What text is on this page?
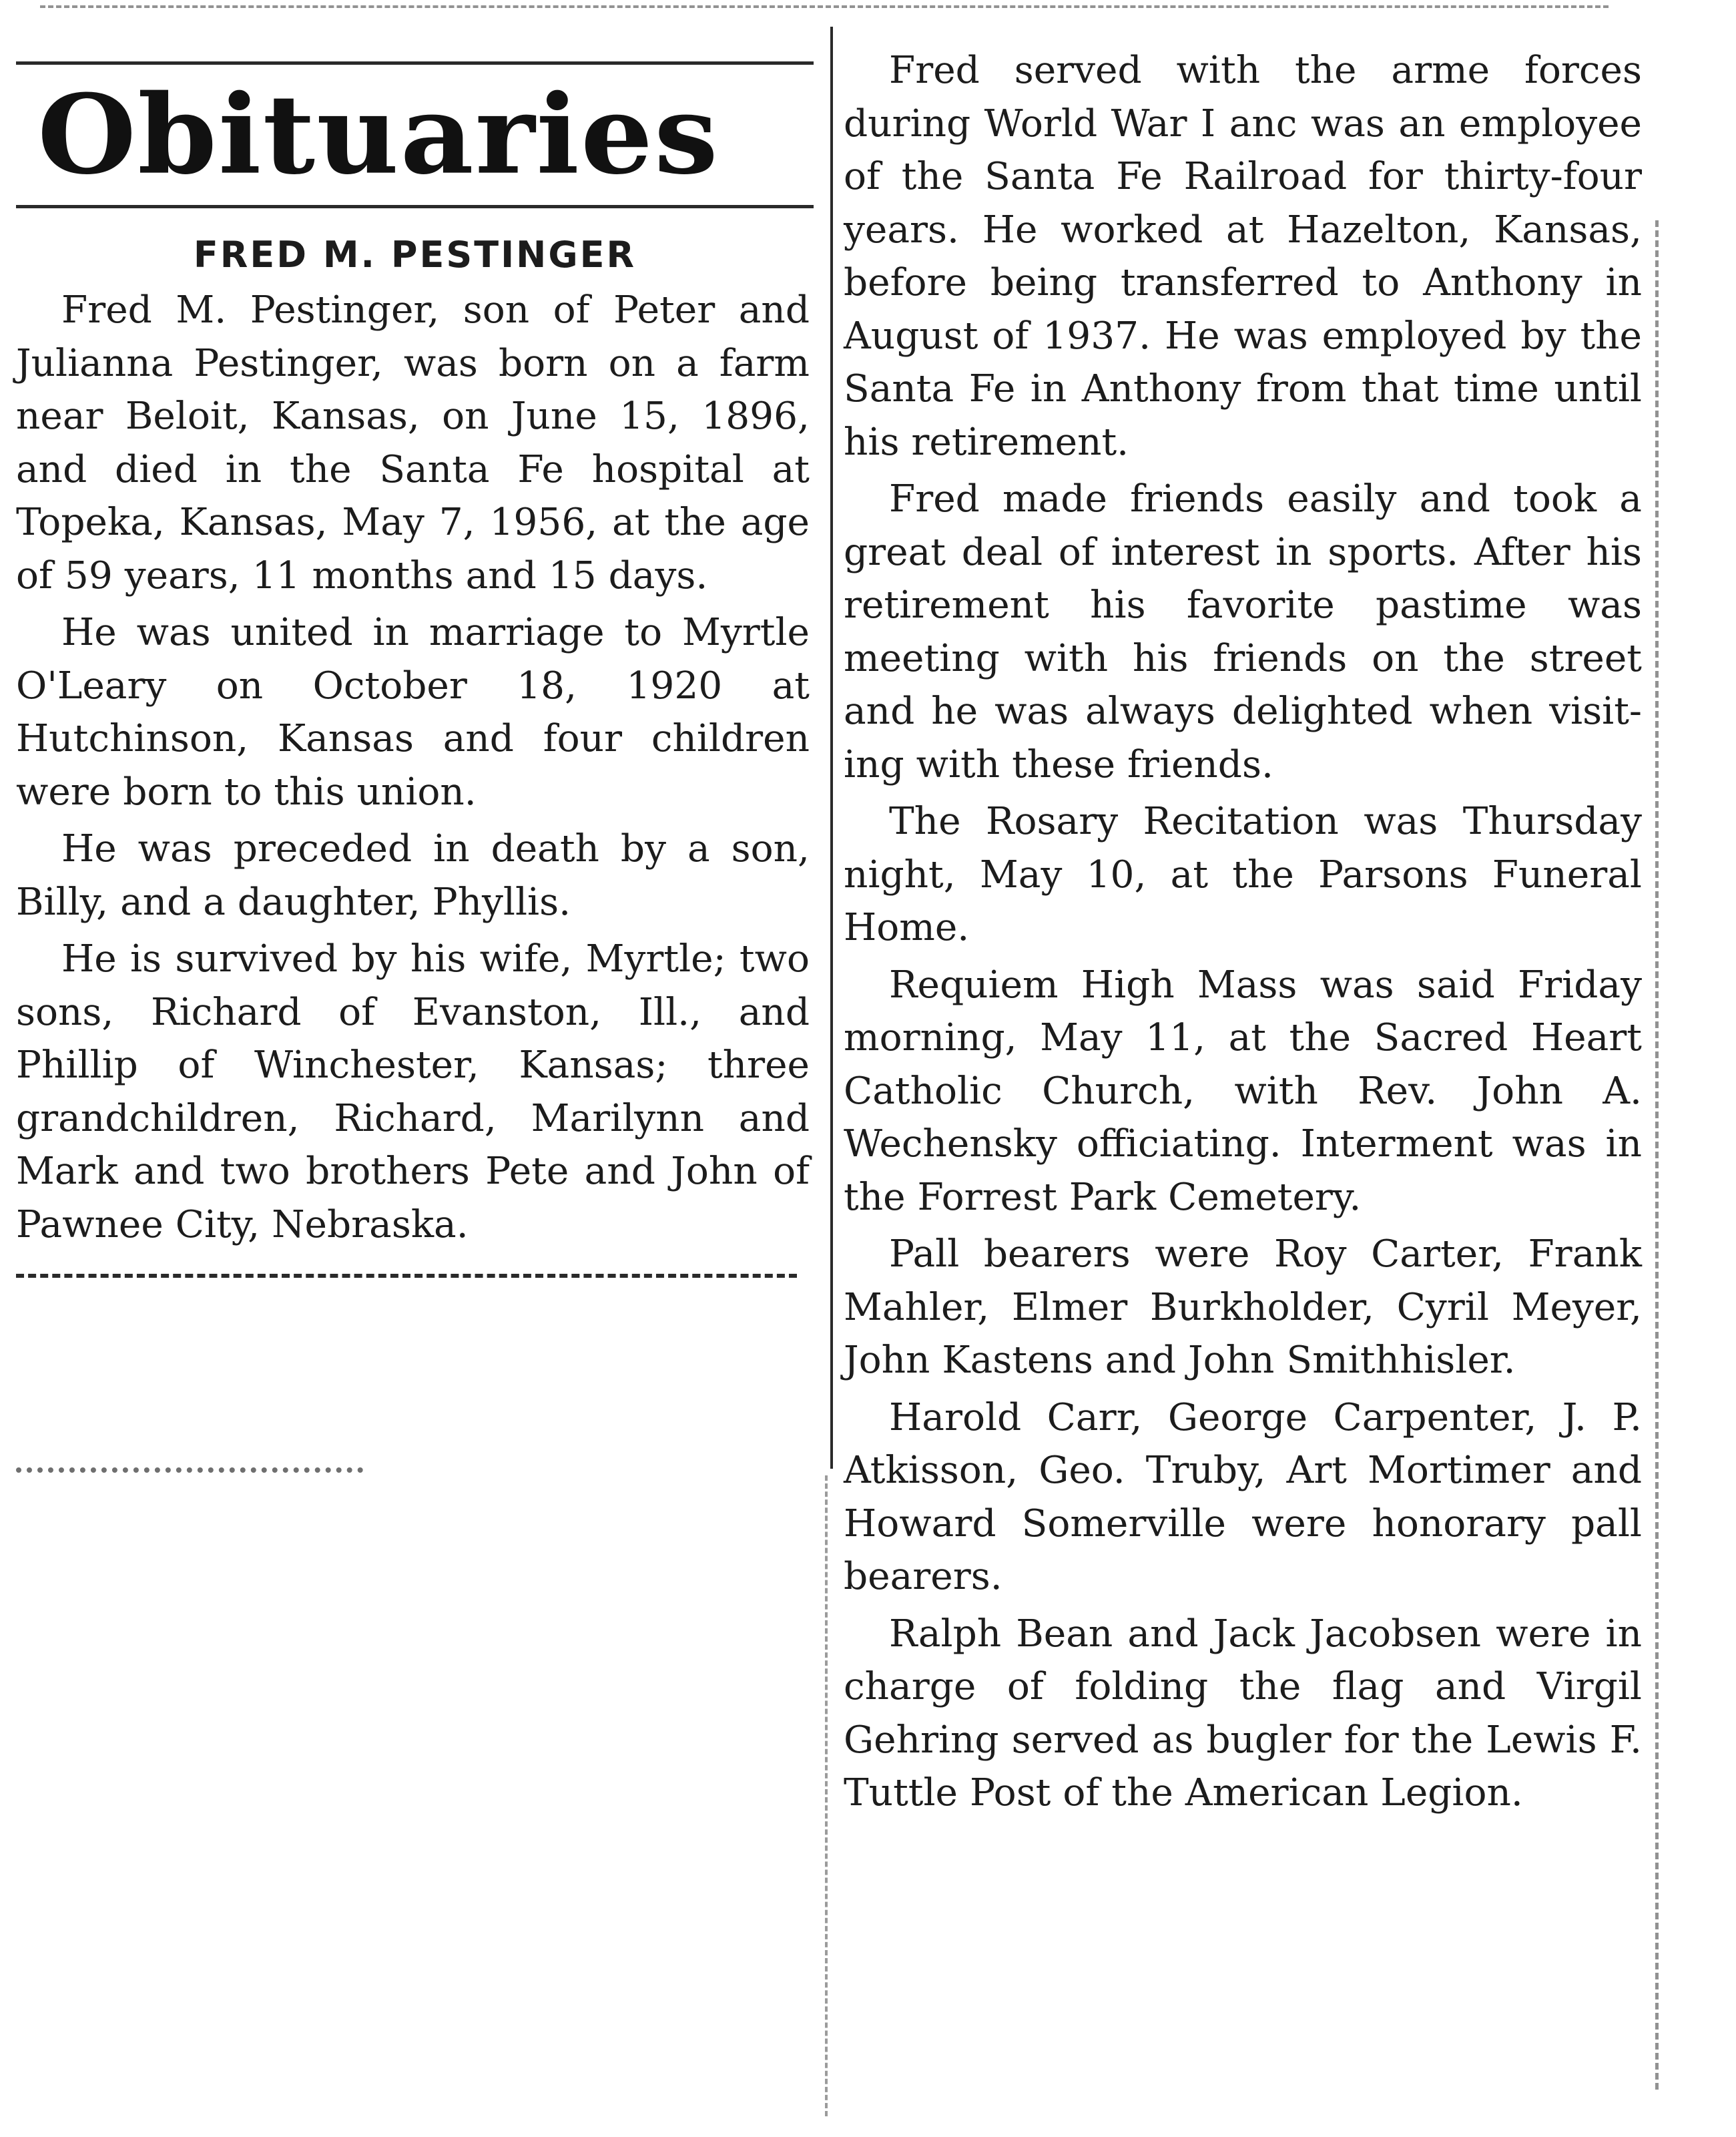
Obituaries
FRED M. PESTINGER

Fred M. Pestinger, son of Peter and Julianna Pestinger, was born on a farm near Beloit, Kansas, on June 15, 1896, and died in the Santa Fe hospital at Topeka, Kansas, May 7, 1956, at the age of 59 years, 11 months and 15 days.

He was united in marriage to Myrtle O'Leary on October 18, 1920 at Hutchinson, Kansas and four children were born to this union.

He was preceded in death by a son, Billy, and a daughter, Phyllis.

He is survived by his wife, Myrtle; two sons, Richard of Evanston, Ill., and Phillip of Winchester, Kansas; three grandchildren, Richard, Marilynn and Mark and two brothers Pete and John of Pawnee City, Nebraska.

Fred served with the arme forces during World War I anc was an employee of the Santa Fe Railroad for thirty-four years. He worked at Hazelton, Kansas, before being transferred to Anthony in August of 1937. He was employed by the Santa Fe in Anthony from that time until his retirement.

Fred made friends easily and took a great deal of interest in sports. After his retirement his favorite pastime was meeting with his friends on the street and he was always delighted when visiting with these friends.

The Rosary Recitation was Thursday night, May 10, at the Parsons Funeral Home.

Requiem High Mass was said Friday morning, May 11, at the Sacred Heart Catholic Church, with Rev. John A. Wechensky officiating. Interment was in the Forrest Park Cemetery.

Pall bearers were Roy Carter, Frank Mahler, Elmer Burkholder, Cyril Meyer, John Kastens and John Smithhisler.

Harold Carr, George Carpenter, J. P. Atkisson, Geo. Truby, Art Mortimer and Howard Somerville were honorary pall bearers.

Ralph Bean and Jack Jacobsen were in charge of folding the flag and Virgil Gehring served as bugler for the Lewis F. Tuttle Post of the American Legion.
